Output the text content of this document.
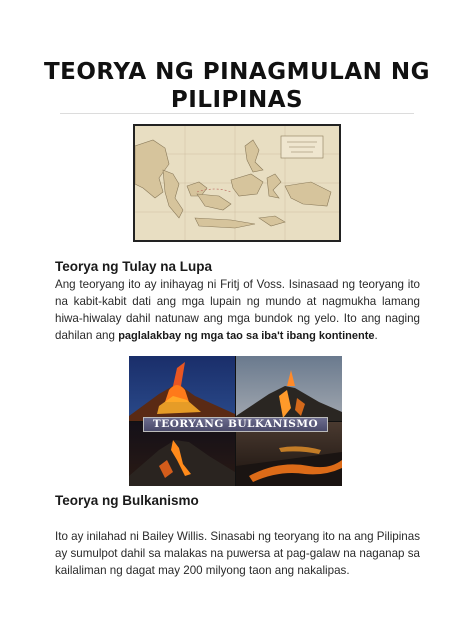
TEORYA NG PINAGMULAN NG
PILIPINAS
Teorya ng Tulay na Lupa
Ang teoryang ito ay inihayag ni Fritj of Voss. Isinasaad ng teoryang ito na kabit-kabit dati ang mga lupain ng mundo at nagmukha lamang hiwa-hiwalay dahil natunaw ang mga bundok ng yelo. Ito ang naging dahilan ang paglalakbay ng mga tao sa iba't ibang kontinente.
TEORYANG BULKANISMO
Teorya ng Bulkanismo
Ito ay inilahad ni Bailey Willis. Sinasabi ng teoryang ito na ang Pilipinas ay sumulpot dahil sa malakas na puwersa at pag-galaw na naganap sa kailaliman ng dagat may 200 milyong taon ang nakalipas.
